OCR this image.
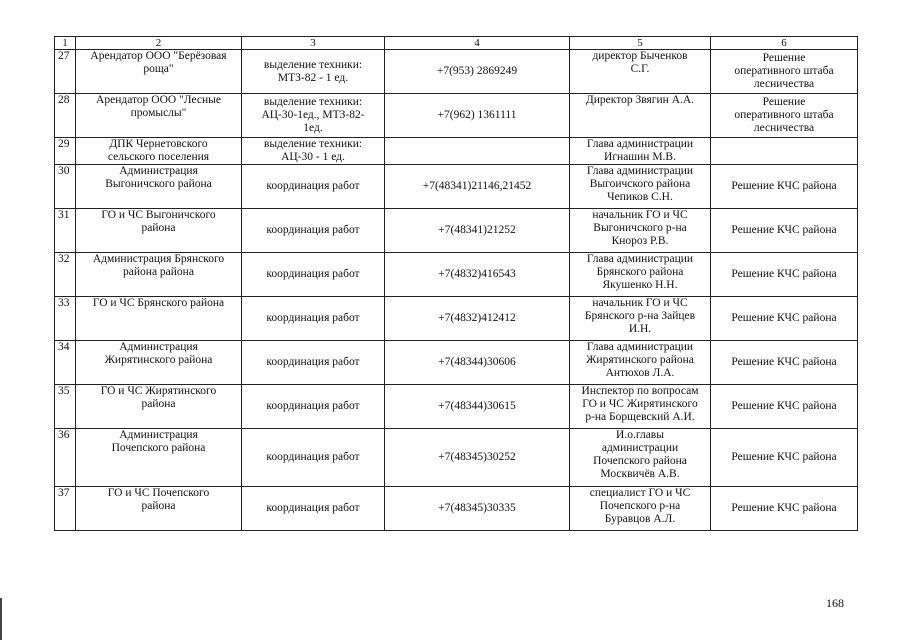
1	2	3	4	5	6
27	Арендатор ООО "Берёзовая
роща"	выделение техники:
МТЗ-82 - 1 ед.	+7(953) 2869249	директор Быченков
С.Г.	Решение
оперативного штаба
лесничества

28	Арендатор ООО "Лесные
промыслы"	выделение техники:
АЦ-30-1ед., МТЗ-82-
1ед.	+7(962) 1361111	Директор Звягин А.А.	Решение
оперативного штаба
лесничества

29	ДПК Чернетовского
сельского поселения	выделение техники:
АЦ-30 - 1 ед.		Глава администрации
Игнашин М.В.	

30	Администрация
Выгоничского района	координация работ	+7(48341)21146,21452	Глава администрации
Выгоичского района
Чепиков С.Н.	Решение КЧС района

31	ГО и ЧС Выгоничского
района	координация работ	+7(48341)21252	начальник ГО и ЧС
Выгоничского р-на
Кнороз Р.В.	Решение КЧС района

32	Администрация Брянского
района района	координация работ	+7(4832)416543	Глава администрации
Брянского района
Якушенко Н.Н.	Решение КЧС района

33	ГО и ЧС Брянского района	координация работ	+7(4832)412412	начальник ГО и ЧС
Брянского р-на Зайцев
И.Н.	Решение КЧС района

34	Администрация
Жирятинского района	координация работ	+7(48344)30606	Глава администрации
Жирятинского района
Антюхов Л.А.	Решение КЧС района

35	ГО и ЧС Жирятинского
района	координация работ	+7(48344)30615	Инспектор по вопросам
ГО и ЧС Жирятинского
р-на Борщевский А.И.	Решение КЧС района

36	Администрация
Почепского района	координация работ	+7(48345)30252	И.о.главы
администрации
Почепского района
Москвичёв А.В.	Решение КЧС района

37	ГО и ЧС Почепского
района	координация работ	+7(48345)30335	специалист ГО и ЧС
Почепского р-на
Буравцов А.Л.	Решение КЧС района
168
